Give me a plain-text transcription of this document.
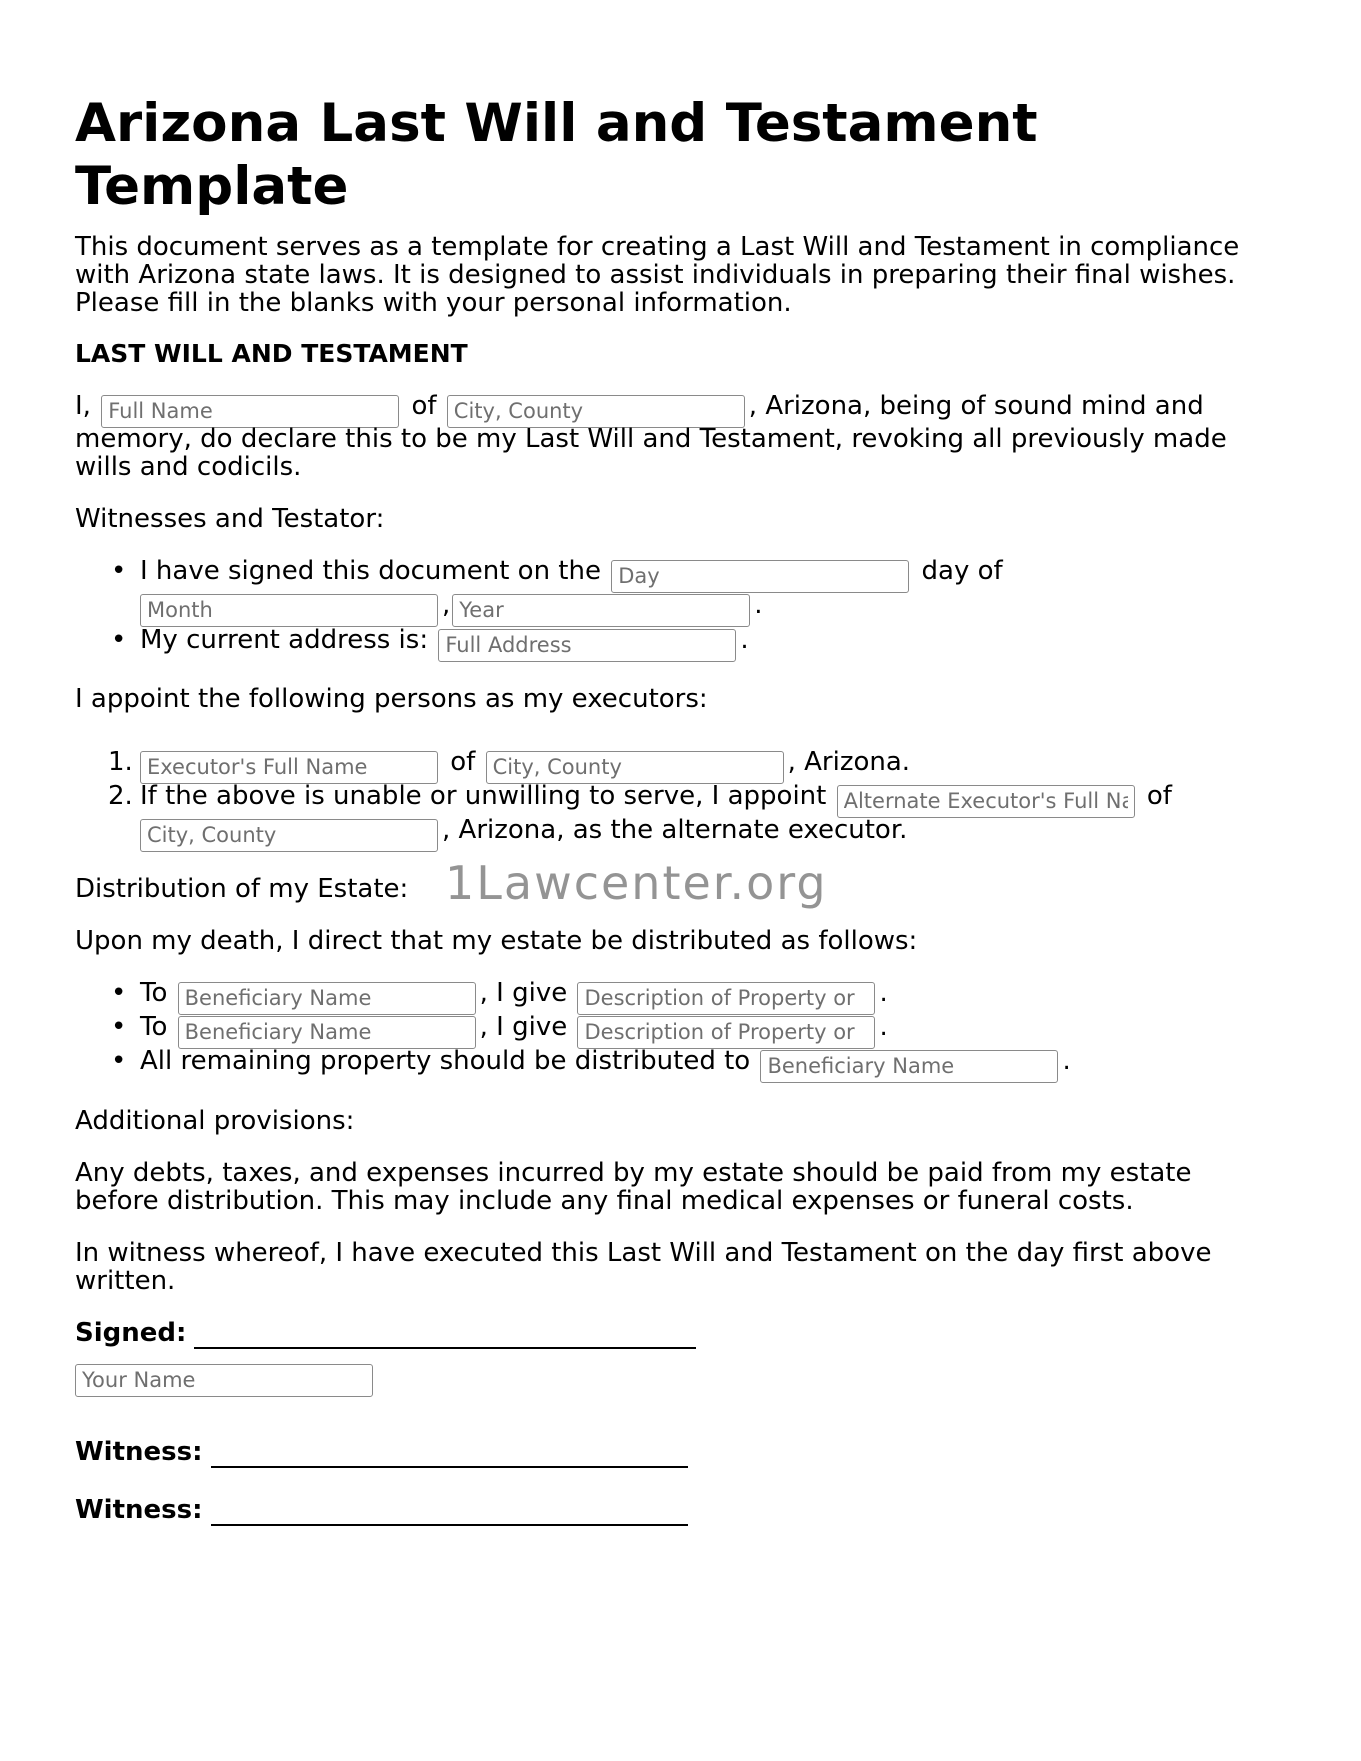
Arizona Last Will and Testament Template
This document serves as a template for creating a Last Will and Testament in compliance
with Arizona state laws. It is designed to assist individuals in preparing their final wishes.
Please fill in the blanks with your personal information.
LAST WILL AND TESTAMENT
I, Full Name	of City, County	, Arizona, being of sound mind and
memory, do declare this to be my Last Will and Testament, revoking all previously made
wills and codicils.
Witnesses and Testator:
• I have signed this document on the Day	day of
Month,Year	.
• My current address is: Full Address	.
I appoint the following persons as my executors:
1.
Executor's Full Name	of City, County	, Arizona.
2. If the above is unable or unwilling to serve, I appoint Alternate Executor's Full Name	of
City, County, Arizona, as the alternate executor.
Distribution of my Estate:
Upon my death, I direct that my estate be distributed as follows:
• To Beneficiary Name	, I give Description of Property or	.
• To Beneficiary Name	, I give Description of Property or	.
• All remaining property should be distributed to Beneficiary Name	.
Additional provisions:
Any debts, taxes, and expenses incurred by my estate should be paid from my estate
before distribution. This may include any final medical expenses or funeral costs.
In witness whereof, I have executed this Last Will and Testament on the day first above
written.
Signed:
Your Name
Witness:
Witness:
1Lawcenter.org
